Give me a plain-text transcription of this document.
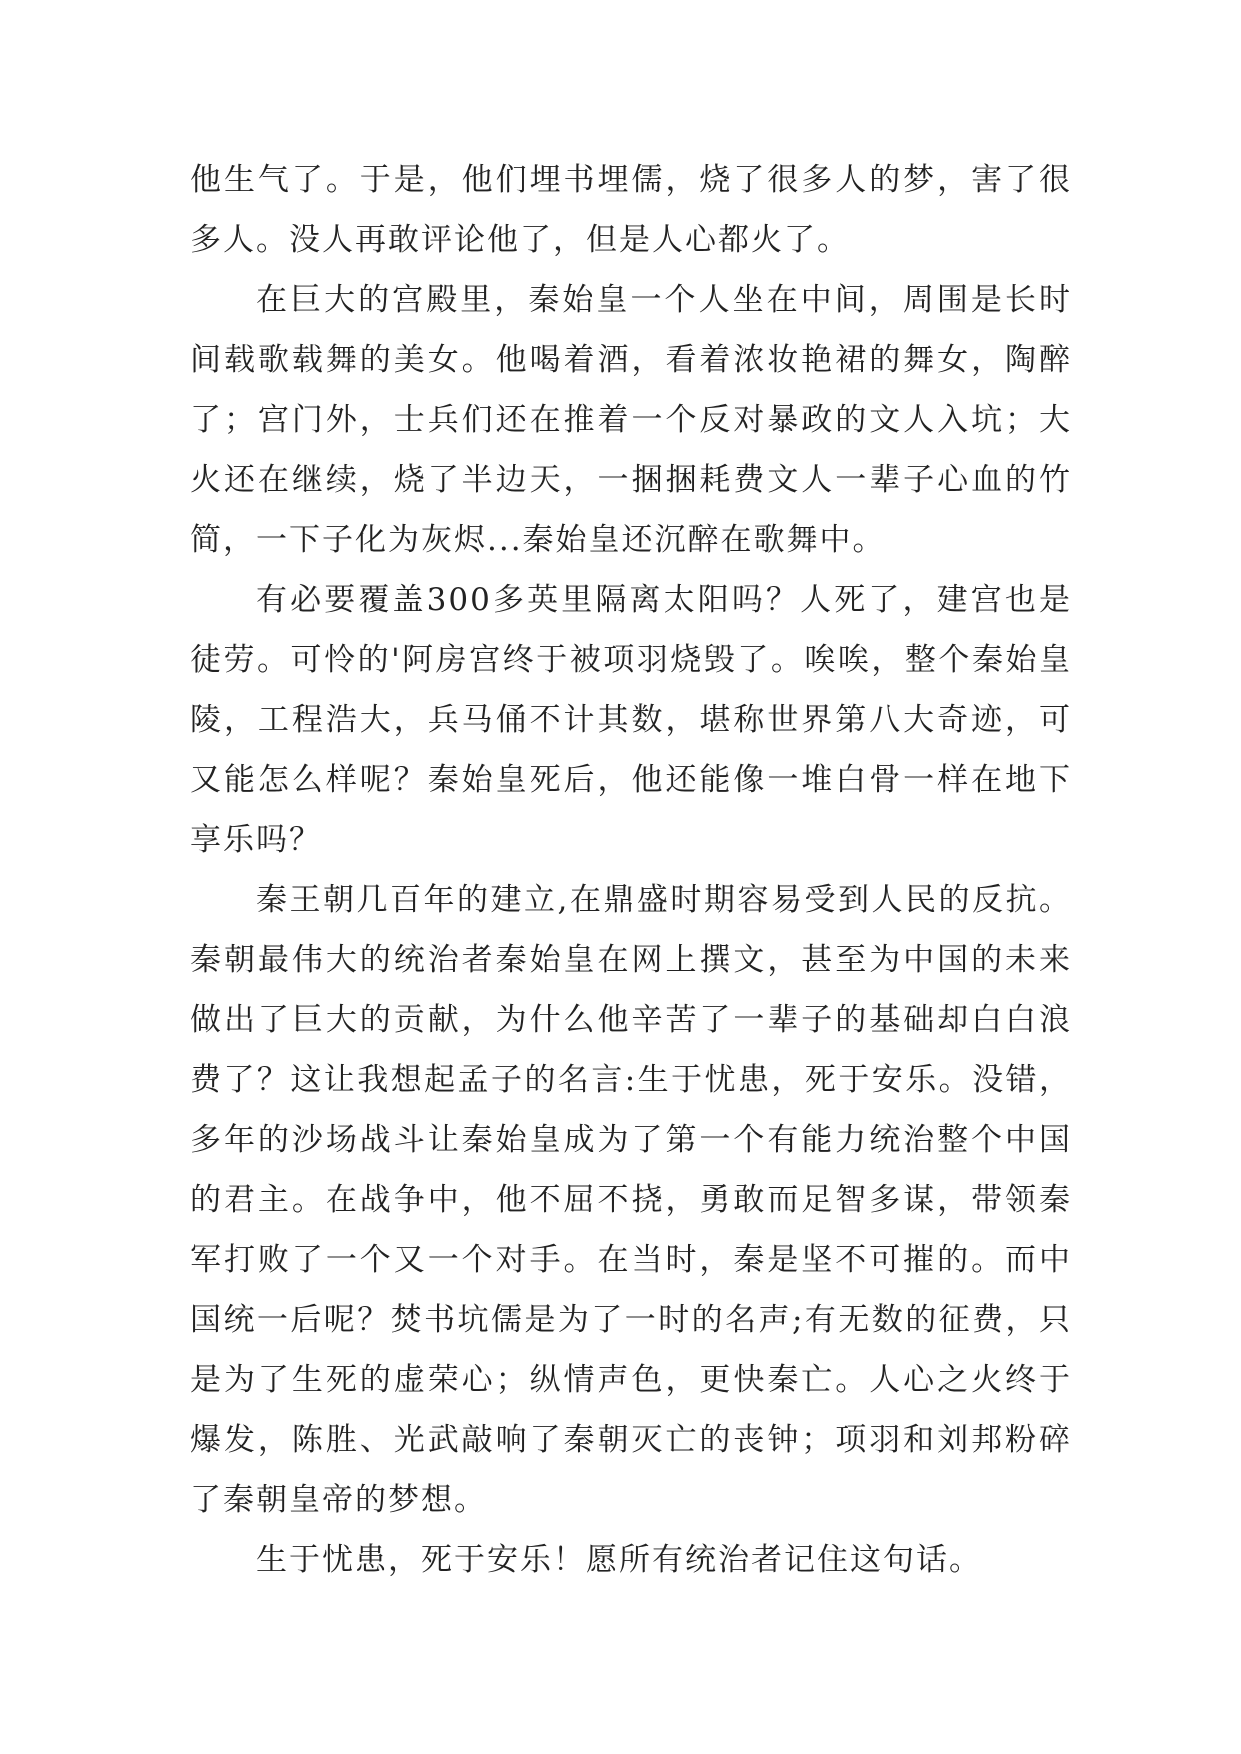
他生气了。于是，他们埋书埋儒，烧了很多人的梦，害了很多人。没人再敢评论他了，但是人心都火了。

在巨大的宫殿里，秦始皇一个人坐在中间，周围是长时间载歌载舞的美女。他喝着酒，看着浓妆艳裙的舞女，陶醉了；宫门外，士兵们还在推着一个反对暴政的文人入坑；大火还在继续，烧了半边天，一捆捆耗费文人一辈子心血的竹简，一下子化为灰烬...秦始皇还沉醉在歌舞中。

有必要覆盖300多英里隔离太阳吗？人死了，建宫也是徒劳。可怜的'阿房宫终于被项羽烧毁了。唉唉，整个秦始皇陵，工程浩大，兵马俑不计其数，堪称世界第八大奇迹，可又能怎么样呢？秦始皇死后，他还能像一堆白骨一样在地下享乐吗？

秦王朝几百年的建立,在鼎盛时期容易受到人民的反抗。秦朝最伟大的统治者秦始皇在网上撰文，甚至为中国的未来做出了巨大的贡献，为什么他辛苦了一辈子的基础却白白浪费了？这让我想起孟子的名言:生于忧患，死于安乐。没错，多年的沙场战斗让秦始皇成为了第一个有能力统治整个中国的君主。在战争中，他不屈不挠，勇敢而足智多谋，带领秦军打败了一个又一个对手。在当时，秦是坚不可摧的。而中国统一后呢？焚书坑儒是为了一时的名声;有无数的征费，只是为了生死的虚荣心；纵情声色，更快秦亡。人心之火终于爆发，陈胜、光武敲响了秦朝灭亡的丧钟；项羽和刘邦粉碎了秦朝皇帝的梦想。

生于忧患，死于安乐！愿所有统治者记住这句话。
